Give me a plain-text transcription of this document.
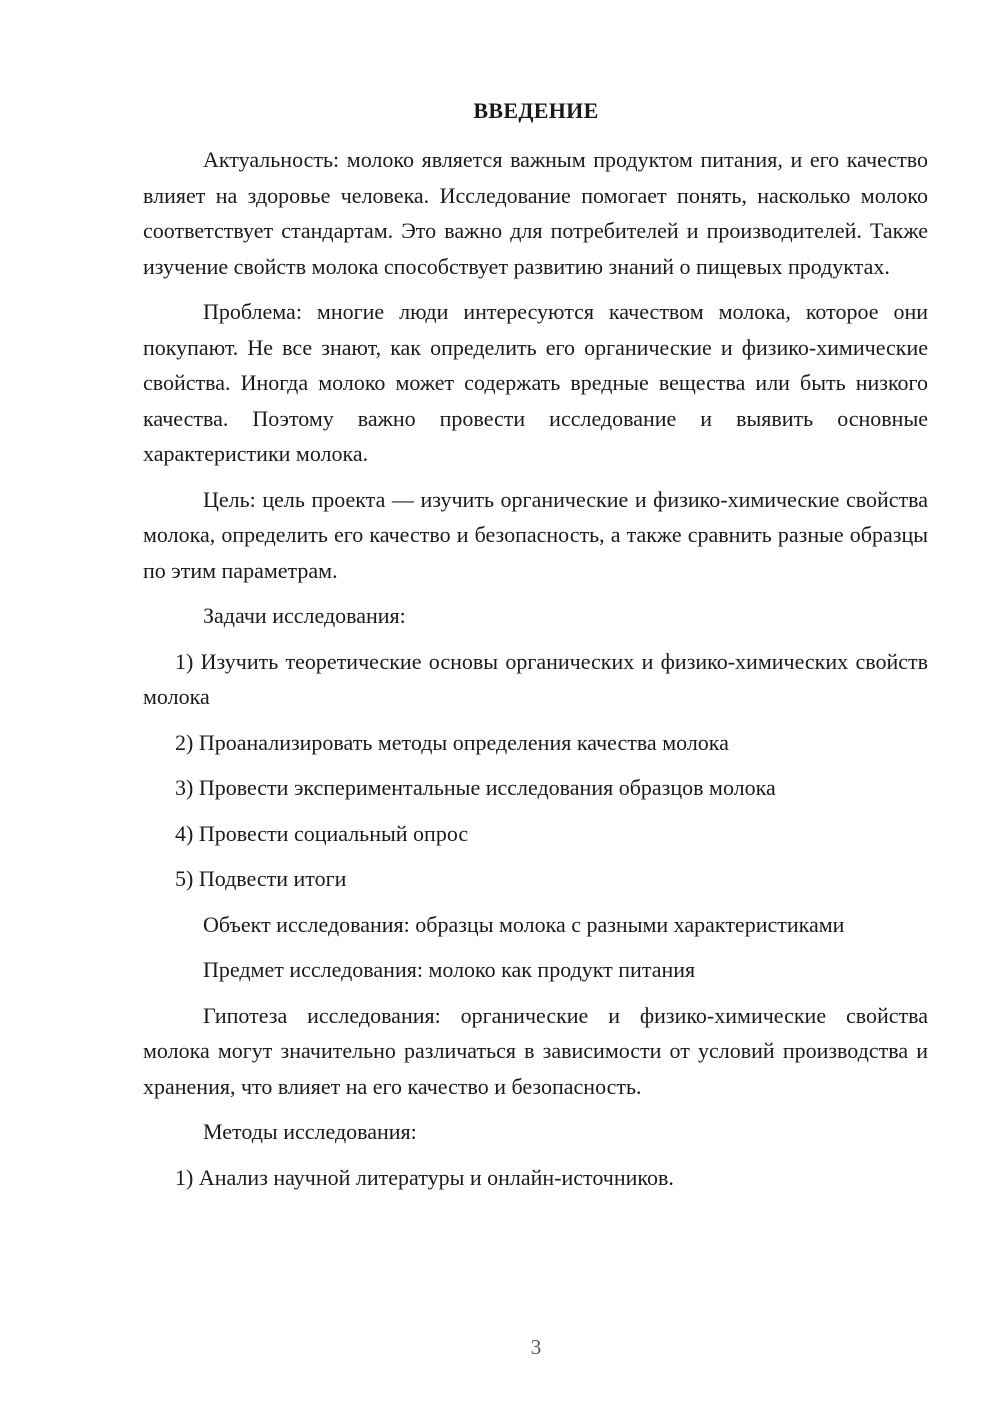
ВВЕДЕНИЕ

Актуальность: молоко является важным продуктом питания, и его качество влияет на здоровье человека. Исследование помогает понять, насколько молоко соответствует стандартам. Это важно для потребителей и производителей. Также изучение свойств молока способствует развитию знаний о пищевых продуктах.

Проблема: многие люди интересуются качеством молока, которое они покупают. Не все знают, как определить его органические и физико-химические свойства. Иногда молоко может содержать вредные вещества или быть низкого качества. Поэтому важно провести исследование и выявить основные характеристики молока.

Цель: цель проекта — изучить органические и физико-химические свойства молока, определить его качество и безопасность, а также сравнить разные образцы по этим параметрам.

Задачи исследования:

1) Изучить теоретические основы органических и физико-химических свойств молока

2) Проанализировать методы определения качества молока

3) Провести экспериментальные исследования образцов молока

4) Провести социальный опрос

5) Подвести итоги

Объект исследования: образцы молока с разными характеристиками

Предмет исследования: молоко как продукт питания

Гипотеза исследования: органические и физико-химические свойства молока могут значительно различаться в зависимости от условий производства и хранения, что влияет на его качество и безопасность.

Методы исследования:

1) Анализ научной литературы и онлайн-источников.

3
